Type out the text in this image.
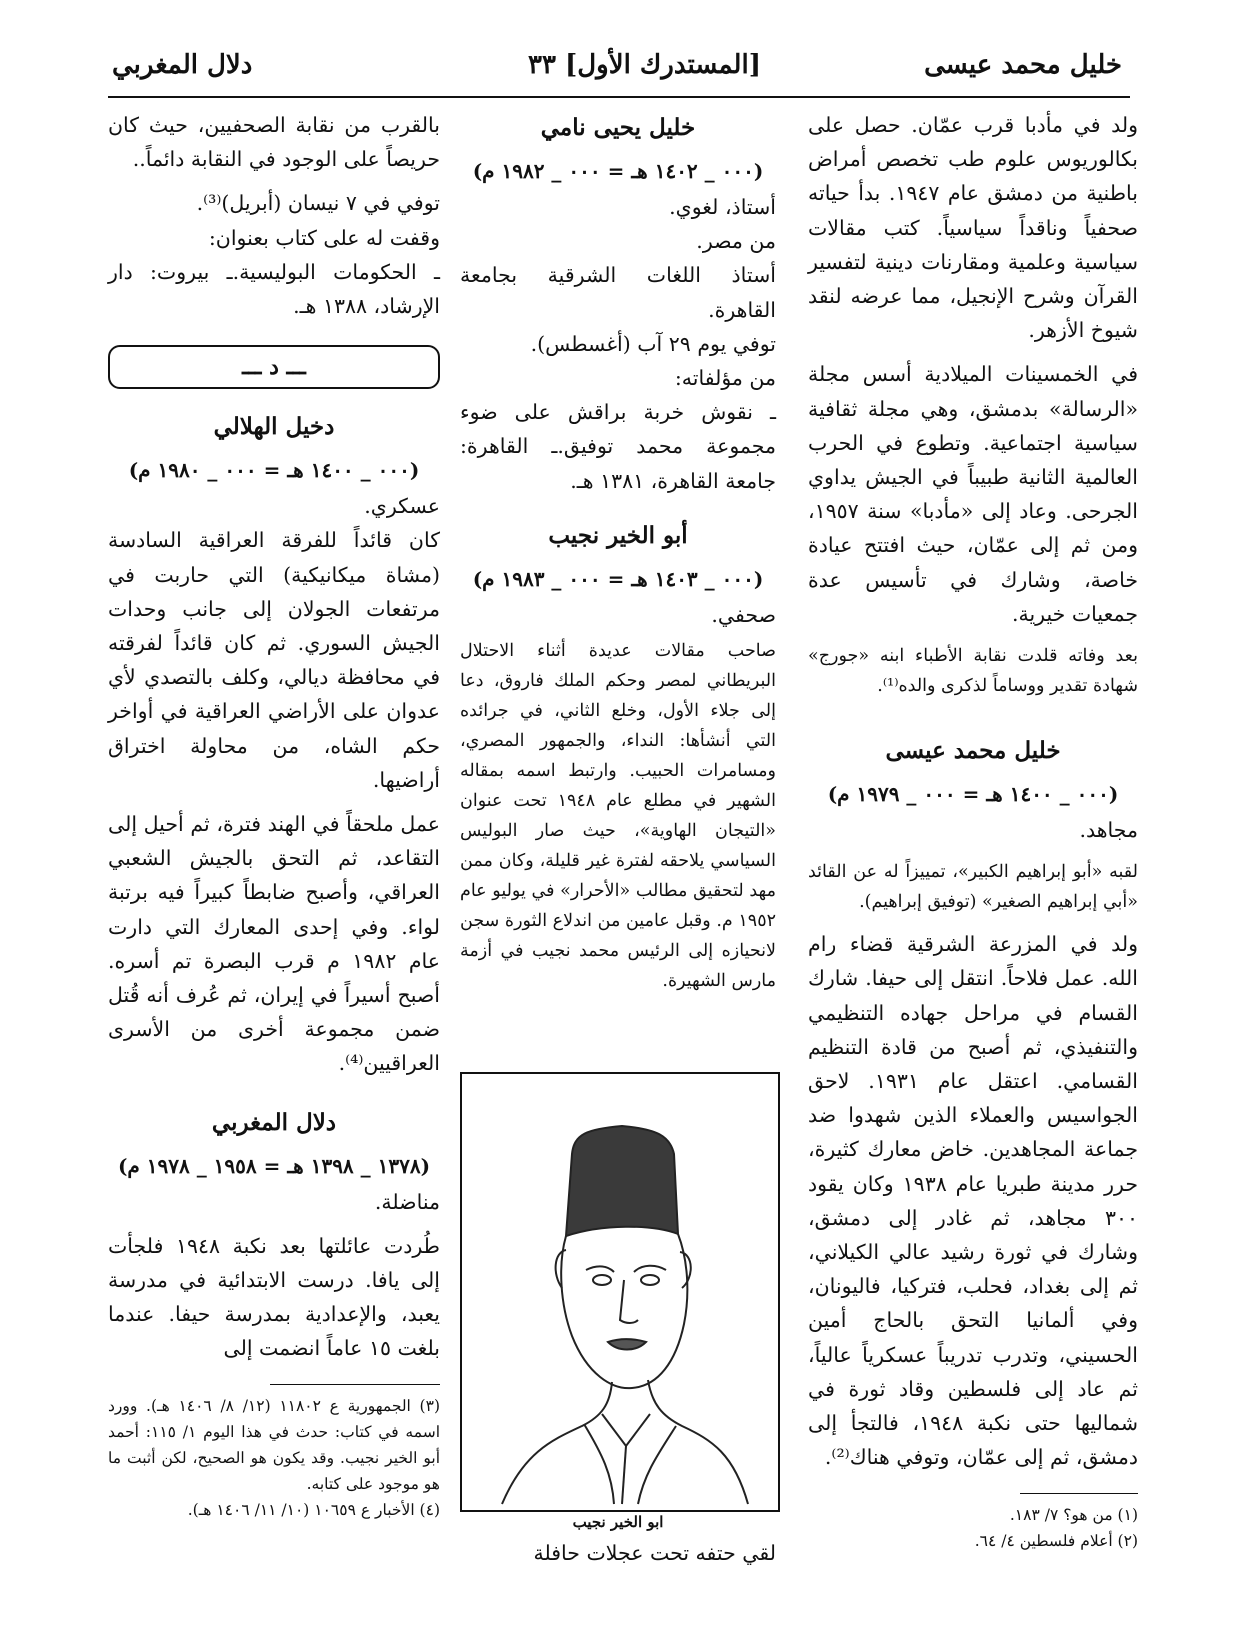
خليل محمد عيسى
[المستدرك الأول] ٣٣
دلال المغربي

ولد في مأدبا قرب عمّان. حصل على بكالوريوس علوم طب تخصص أمراض باطنية من دمشق عام ١٩٤٧. بدأ حياته صحفياً وناقداً سياسياً. كتب مقالات سياسية وعلمية ومقارنات دينية لتفسير القرآن وشرح الإنجيل، مما عرضه لنقد شيوخ الأزهر.

في الخمسينات الميلادية أسس مجلة «الرسالة» بدمشق، وهي مجلة ثقافية سياسية اجتماعية. وتطوع في الحرب العالمية الثانية طبيباً في الجيش يداوي الجرحى. وعاد إلى «مأدبا» سنة ١٩٥٧، ومن ثم إلى عمّان، حيث افتتح عيادة خاصة، وشارك في تأسيس عدة جمعيات خيرية.

بعد وفاته قلدت نقابة الأطباء ابنه «جورج» شهادة تقدير ووساماً لذكرى والده⁽¹⁾.

خليل محمد عيسى
(٠٠٠ _ ١٤٠٠ هـ = ٠٠٠ _ ١٩٧٩ م)

مجاهد.

لقبه «أبو إبراهيم الكبير»، تمييزاً له عن القائد «أبي إبراهيم الصغير» (توفيق إبراهيم).

ولد في المزرعة الشرقية قضاء رام الله. عمل فلاحاً. انتقل إلى حيفا. شارك القسام في مراحل جهاده التنظيمي والتنفيذي، ثم أصبح من قادة التنظيم القسامي. اعتقل عام ١٩٣١. لاحق الجواسيس والعملاء الذين شهدوا ضد جماعة المجاهدين. خاض معارك كثيرة، حرر مدينة طبريا عام ١٩٣٨ وكان يقود ٣٠٠ مجاهد، ثم غادر إلى دمشق، وشارك في ثورة رشيد عالي الكيلاني، ثم إلى بغداد، فحلب، فتركيا، فاليونان، وفي ألمانيا التحق بالحاج أمين الحسيني، وتدرب تدريباً عسكرياً عالياً، ثم عاد إلى فلسطين وقاد ثورة في شماليها حتى نكبة ١٩٤٨، فالتجأ إلى دمشق، ثم إلى عمّان، وتوفي هناك⁽²⁾.

(١) من هو؟ ٧/ ١٨٣.

(٢) أعلام فلسطين ٤/ ٦٤.

خليل يحيى نامي
(٠٠٠ _ ١٤٠٢ هـ = ٠٠٠ _ ١٩٨٢ م)

أستاذ، لغوي.

من مصر.

أستاذ اللغات الشرقية بجامعة القاهرة.

توفي يوم ٢٩ آب (أغسطس).

من مؤلفاته:

ـ نقوش خربة براقش على ضوء مجموعة محمد توفيق.ـ القاهرة: جامعة القاهرة، ١٣٨١ هـ.

أبو الخير نجيب
(٠٠٠ _ ١٤٠٣ هـ = ٠٠٠ _ ١٩٨٣ م)

صحفي.

صاحب مقالات عديدة أثناء الاحتلال البريطاني لمصر وحكم الملك فاروق، دعا إلى جلاء الأول، وخلع الثاني، في جرائده التي أنشأها: النداء، والجمهور المصري، ومسامرات الحبيب. وارتبط اسمه بمقاله الشهير في مطلع عام ١٩٤٨ تحت عنوان «التيجان الهاوية»، حيث صار البوليس السياسي يلاحقه لفترة غير قليلة، وكان ممن مهد لتحقيق مطالب «الأحرار» في يوليو عام ١٩٥٢ م. وقبل عامين من اندلاع الثورة سجن لانحيازه إلى الرئيس محمد نجيب في أزمة مارس الشهيرة.

ابو الخير نجيب
لقي حتفه تحت عجلات حافلة

بالقرب من نقابة الصحفيين، حيث كان حريصاً على الوجود في النقابة دائماً..

توفي في ٧ نيسان (أبريل)⁽³⁾.

وقفت له على كتاب بعنوان:

ـ الحكومات البوليسية.ـ بيروت: دار الإرشاد، ١٣٨٨ هـ.

ـــ د ـــ
دخيل الهلالي
(٠٠٠ _ ١٤٠٠ هـ = ٠٠٠ _ ١٩٨٠ م)

عسكري.

كان قائداً للفرقة العراقية السادسة (مشاة ميكانيكية) التي حاربت في مرتفعات الجولان إلى جانب وحدات الجيش السوري. ثم كان قائداً لفرقته في محافظة ديالي، وكلف بالتصدي لأي عدوان على الأراضي العراقية في أواخر حكم الشاه، من محاولة اختراق أراضيها.

عمل ملحقاً في الهند فترة، ثم أحيل إلى التقاعد، ثم التحق بالجيش الشعبي العراقي، وأصبح ضابطاً كبيراً فيه برتبة لواء. وفي إحدى المعارك التي دارت عام ١٩٨٢ م قرب البصرة تم أسره. أصبح أسيراً في إيران، ثم عُرف أنه قُتل ضمن مجموعة أخرى من الأسرى العراقيين⁽⁴⁾.

دلال المغربي
(١٣٧٨ _ ١٣٩٨ هـ = ١٩٥٨ _ ١٩٧٨ م)

مناضلة.

طُردت عائلتها بعد نكبة ١٩٤٨ فلجأت إلى يافا. درست الابتدائية في مدرسة يعبد، والإعدادية بمدرسة حيفا. عندما بلغت ١٥ عاماً انضمت إلى

(٣) الجمهورية ع ١١٨٠٢ (١٢/ ٨/ ١٤٠٦ هـ). وورد اسمه في كتاب: حدث في هذا اليوم ١/ ١١٥: أحمد أبو الخير نجيب. وقد يكون هو الصحيح، لكن أثبت ما هو موجود على كتابه.

(٤) الأخبار ع ١٠٦٥٩ (١٠/ ١١/ ١٤٠٦ هـ).
